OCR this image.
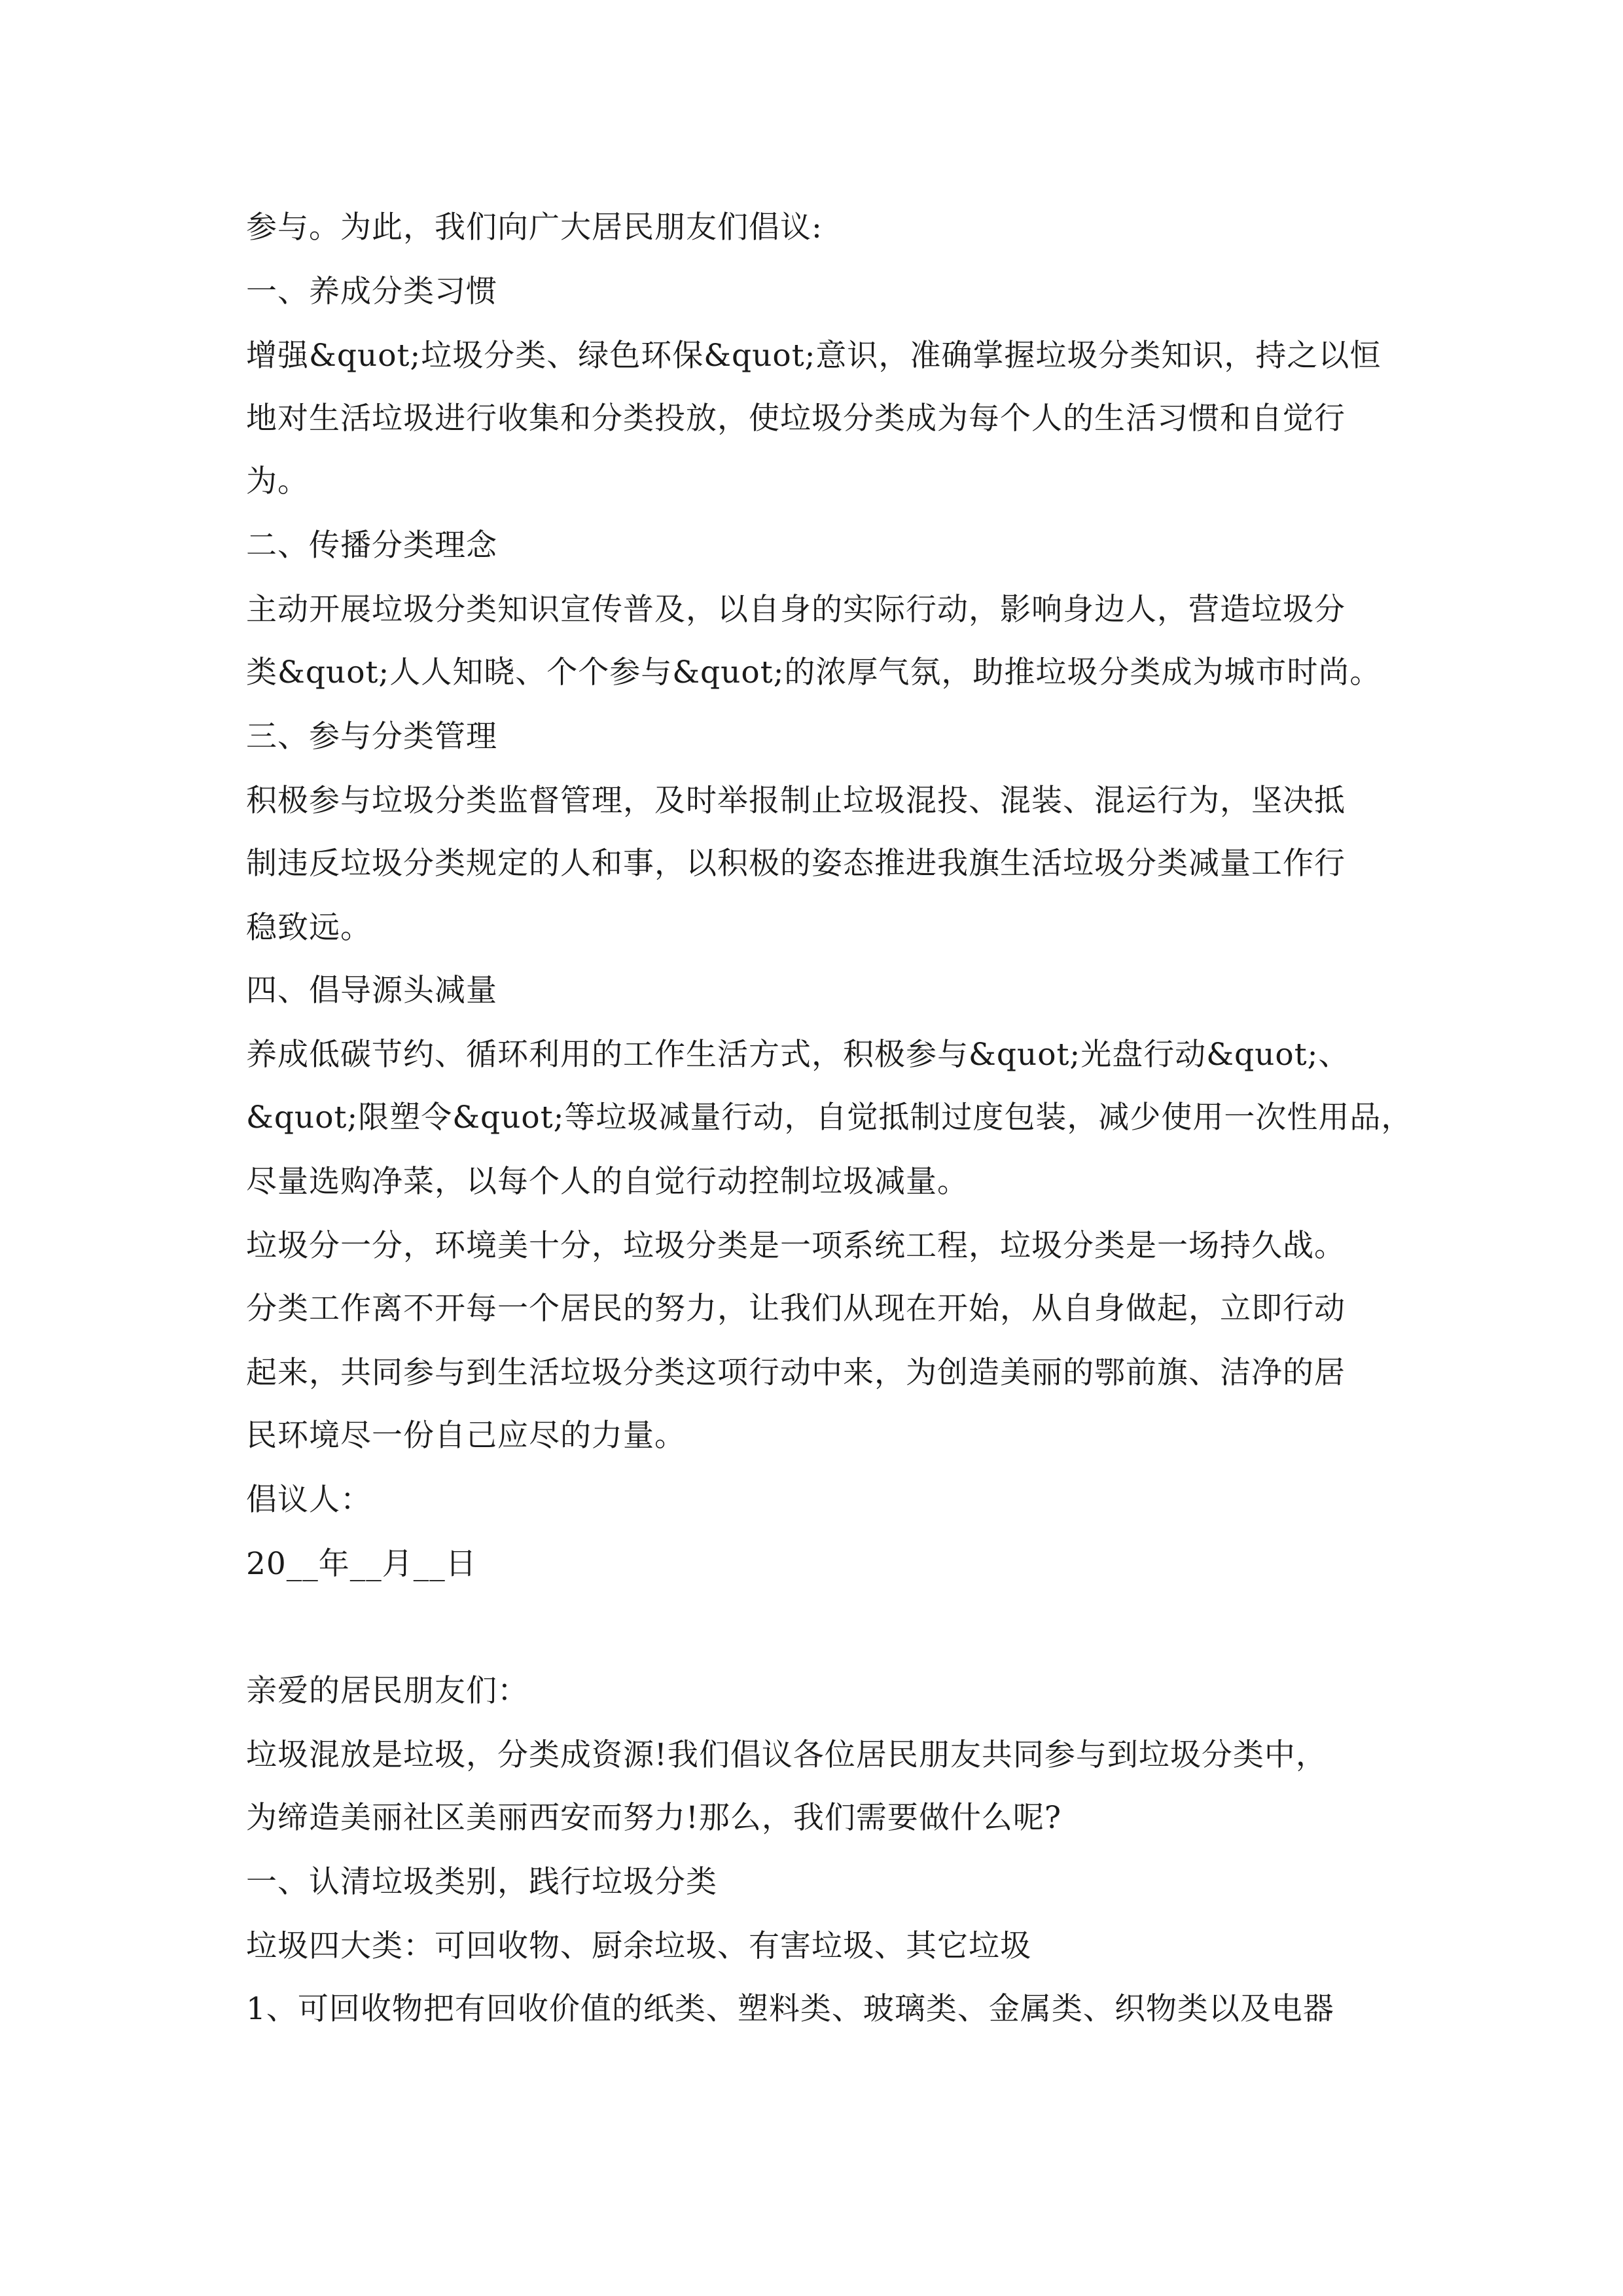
参与。为此，我们向广大居民朋友们倡议:
一、养成分类习惯
增强&quot;垃圾分类、绿色环保&quot;意识，准确掌握垃圾分类知识，持之以恒
地对生活垃圾进行收集和分类投放，使垃圾分类成为每个人的生活习惯和自觉行
为。
二、传播分类理念
主动开展垃圾分类知识宣传普及，以自身的实际行动，影响身边人，营造垃圾分
类&quot;人人知晓、个个参与&quot;的浓厚气氛，助推垃圾分类成为城市时尚。
三、参与分类管理
积极参与垃圾分类监督管理，及时举报制止垃圾混投、混装、混运行为，坚决抵
制违反垃圾分类规定的人和事，以积极的姿态推进我旗生活垃圾分类减量工作行
稳致远。
四、倡导源头减量
养成低碳节约、循环利用的工作生活方式，积极参与&quot;光盘行动&quot;、
&quot;限塑令&quot;等垃圾减量行动，自觉抵制过度包装，减少使用一次性用品，
尽量选购净菜，以每个人的自觉行动控制垃圾减量。
垃圾分一分，环境美十分，垃圾分类是一项系统工程，垃圾分类是一场持久战。
分类工作离不开每一个居民的努力，让我们从现在开始，从自身做起，立即行动
起来，共同参与到生活垃圾分类这项行动中来，为创造美丽的鄂前旗、洁净的居
民环境尽一份自己应尽的力量。
倡议人：
20__年__月__日
亲爱的居民朋友们：
垃圾混放是垃圾，分类成资源!我们倡议各位居民朋友共同参与到垃圾分类中，
为缔造美丽社区美丽西安而努力!那么，我们需要做什么呢?
一、认清垃圾类别，践行垃圾分类
垃圾四大类：可回收物、厨余垃圾、有害垃圾、其它垃圾
1、可回收物把有回收价值的纸类、塑料类、玻璃类、金属类、织物类以及电器
